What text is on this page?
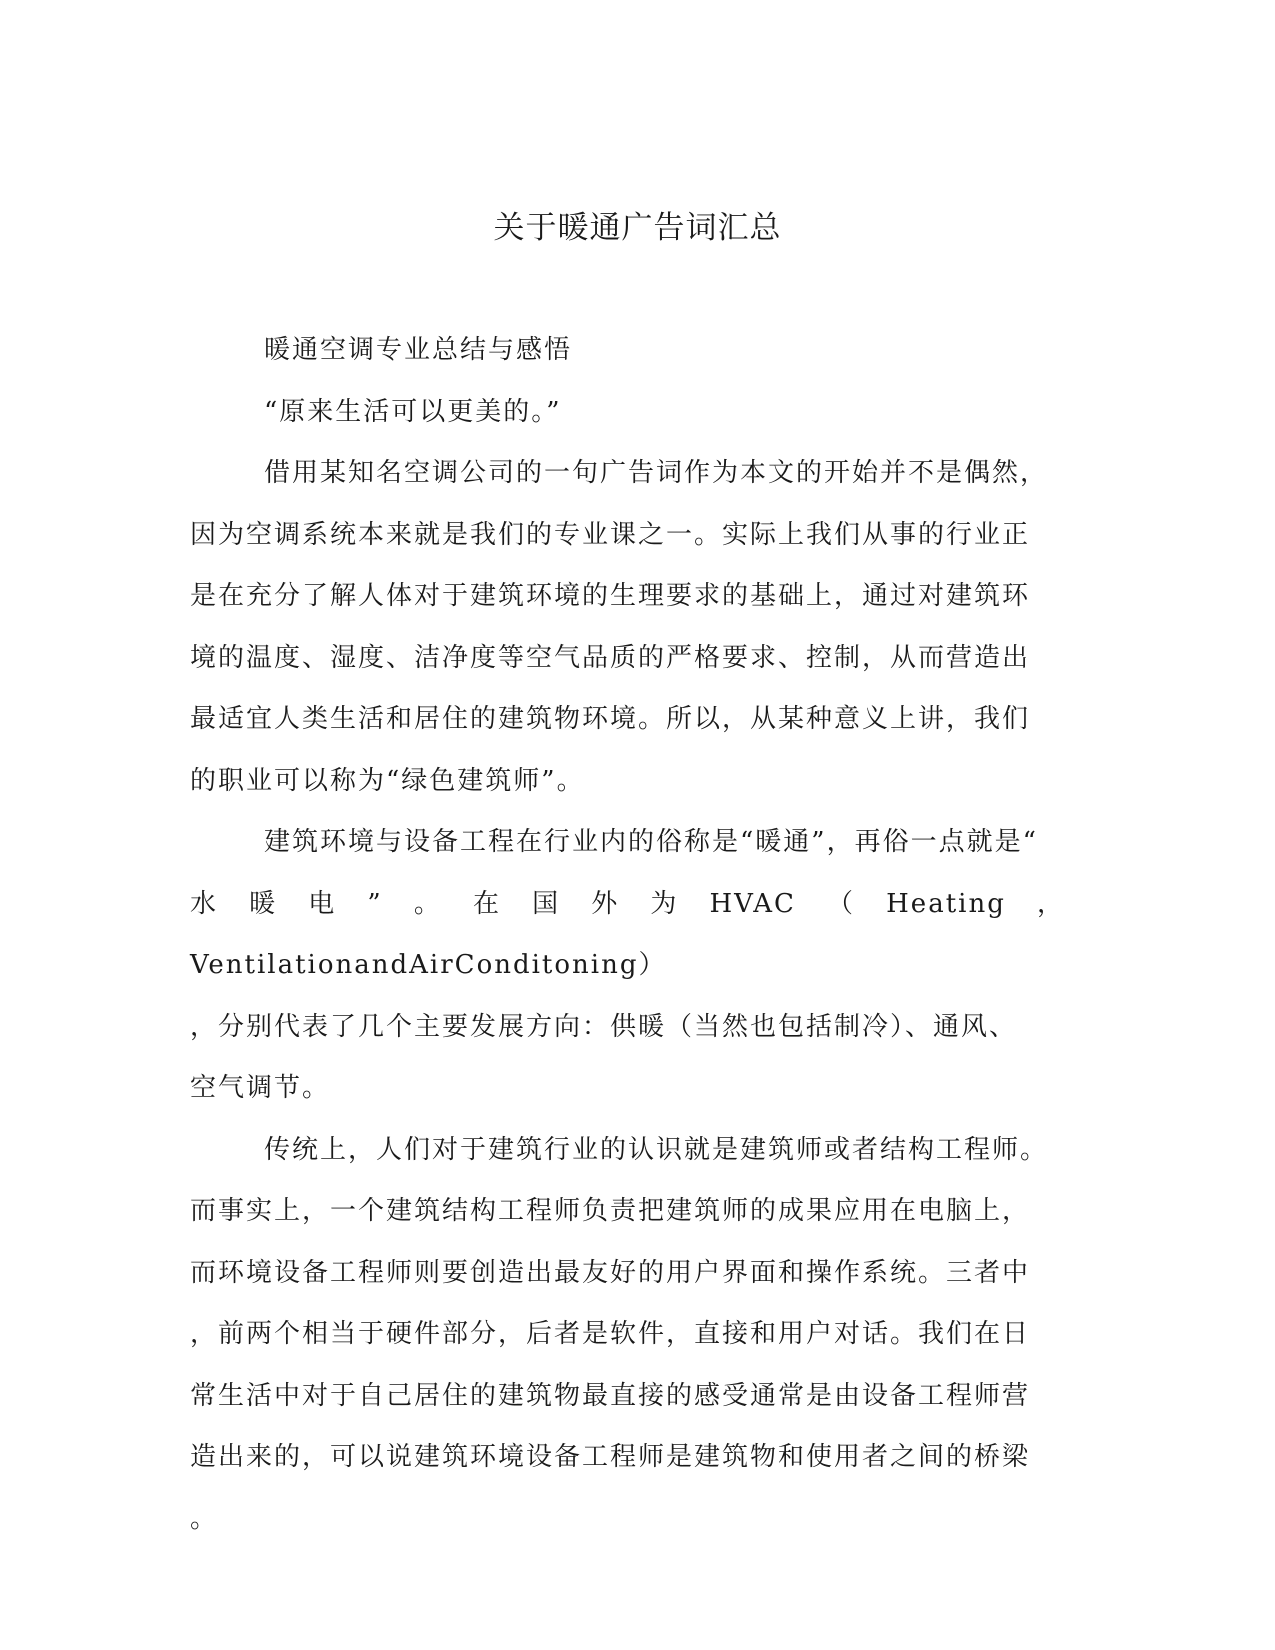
关于暖通广告词汇总

暖通空调专业总结与感悟

“原来生活可以更美的。”

借用某知名空调公司的一句广告词作为本文的开始并不是偶然，
因为空调系统本来就是我们的专业课之一。实际上我们从事的行业正
是在充分了解人体对于建筑环境的生理要求的基础上，通过对建筑环
境的温度、湿度、洁净度等空气品质的严格要求、控制，从而营造出
最适宜人类生活和居住的建筑物环境。所以，从某种意义上讲，我们
的职业可以称为“绿色建筑师”。

建筑环境与设备工程在行业内的俗称是“暖通”，再俗一点就是“
水暖电”。在国外为HVAC（Heating，VentilationandAirConditoning）
，分别代表了几个主要发展方向：供暖（当然也包括制冷）、通风、
空气调节。

传统上，人们对于建筑行业的认识就是建筑师或者结构工程师。
而事实上，一个建筑结构工程师负责把建筑师的成果应用在电脑上，
而环境设备工程师则要创造出最友好的用户界面和操作系统。三者中
，前两个相当于硬件部分，后者是软件，直接和用户对话。我们在日
常生活中对于自己居住的建筑物最直接的感受通常是由设备工程师营
造出来的，可以说建筑环境设备工程师是建筑物和使用者之间的桥梁
。
